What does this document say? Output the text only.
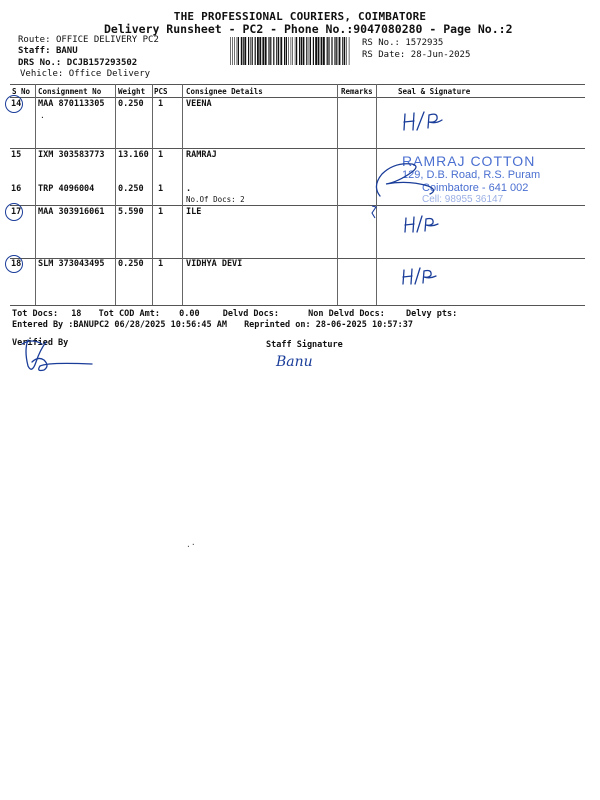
THE PROFESSIONAL COURIERS, COIMBATORE
Delivery Runsheet - PC2 - Phone No.:9047080280 - Page No.:2
Route: OFFICE DELIVERY PC2
Staff: BANU
DRS No.: DCJB157293502
Vehicle: Office Delivery
RS No.: 1572935
RS Date: 28-Jun-2025
S No Consignment No Weight PCS Consignee Details	Remarks	Seal & Signature
14 MAA 870113305 0.250 1	VEENA
.
15 IXM 303583773 13.160 1	RAMRAJ
16 TRP 4096004	0.250 1	.
No.Of Docs: 2
RAMRAJ COTTON
129, D.B. Road, R.S. Puram
Coimbatore - 641 002
Cell: 98955 36147
17 MAA 303916061 5.590 1	ILE
18 SLM 373043495 0.250 1	VIDHYA DEVI
Tot Docs: 18 Tot COD Amt: 0.00	Delvd Docs:	Non Delvd Docs: Delvy pts:
Entered By :BANUPC2 06/28/2025 10:56:45 AM Reprinted on: 28-06-2025 10:57:37
Verified By	Staff Signature
Banu
.·
